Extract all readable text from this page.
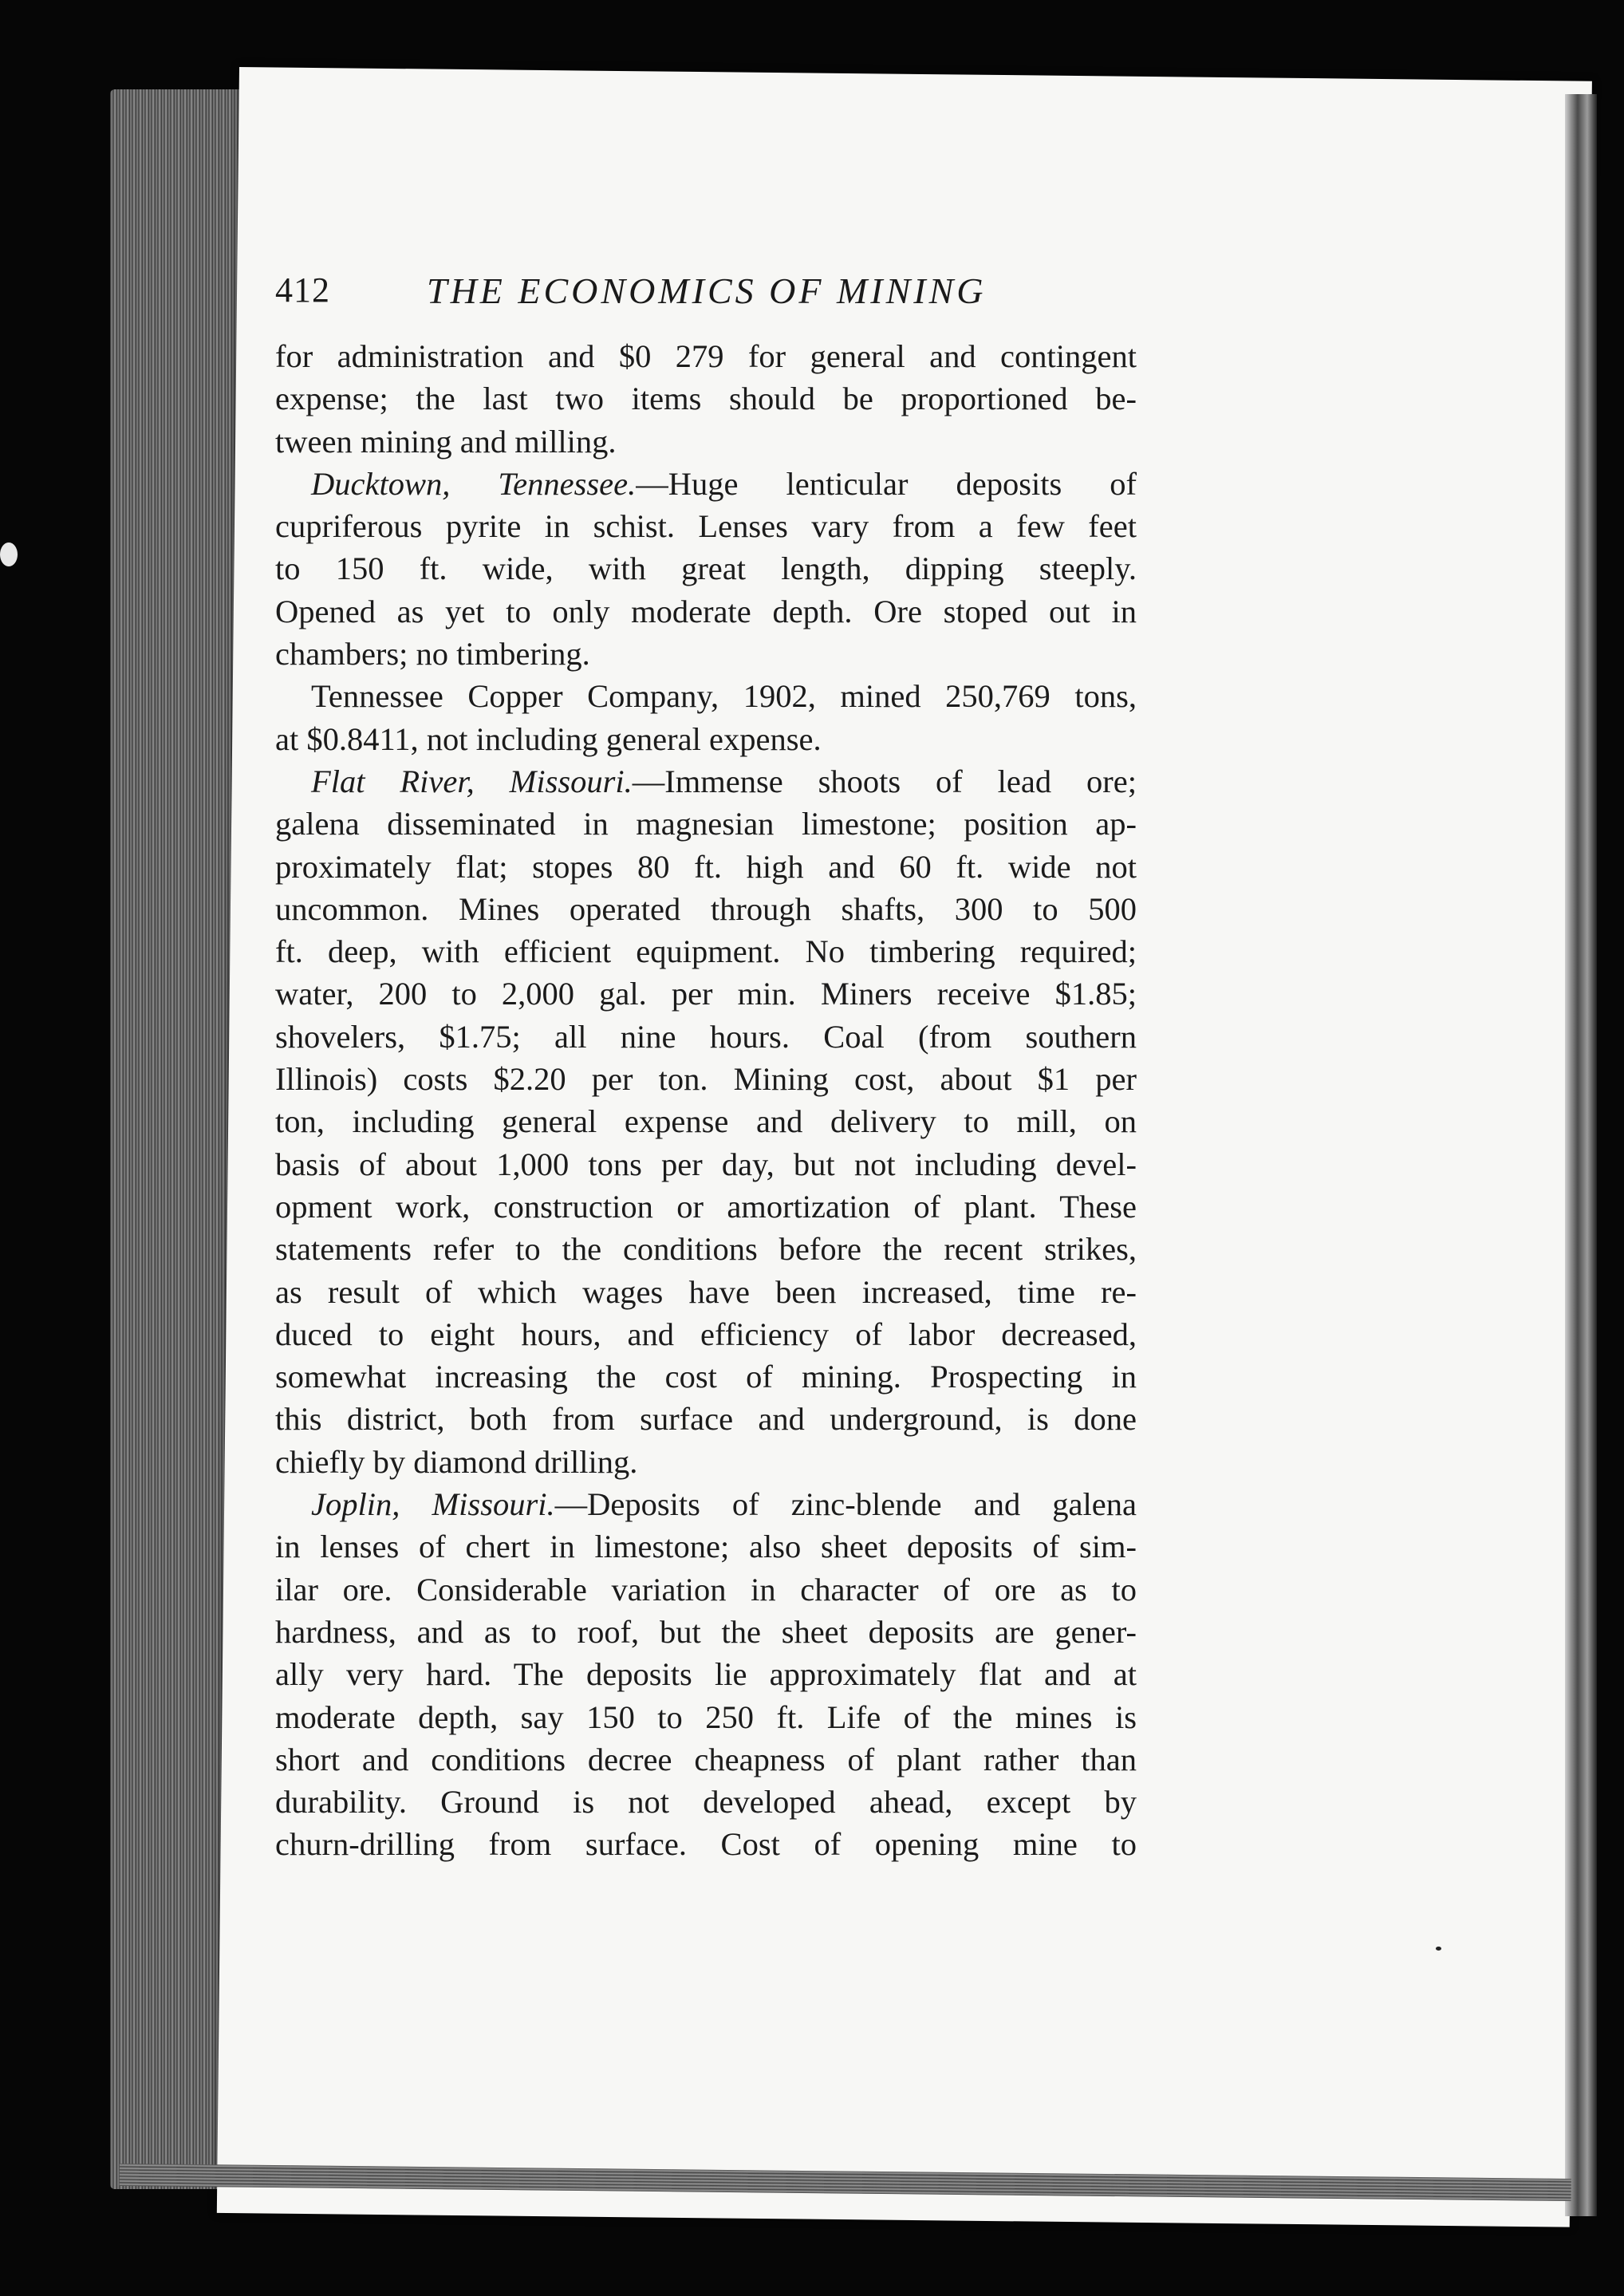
412	THE ECONOMICS OF MINING
for administration and $0 279 for general and contingent
expense; the last two items should be proportioned be-
tween mining and milling.
Ducktown, Tennessee.—Huge lenticular deposits of
cupriferous pyrite in schist. Lenses vary from a few feet
to 150 ft. wide, with great length, dipping steeply.
Opened as yet to only moderate depth. Ore stoped out in
chambers; no timbering.
Tennessee Copper Company, 1902, mined 250,769 tons,
at $0.8411, not including general expense.
Flat River, Missouri.—Immense shoots of lead ore;
galena disseminated in magnesian limestone; position ap-
proximately flat; stopes 80 ft. high and 60 ft. wide not
uncommon. Mines operated through shafts, 300 to 500
ft. deep, with efficient equipment. No timbering required;
water, 200 to 2,000 gal. per min. Miners receive $1.85;
shovelers, $1.75; all nine hours. Coal (from southern
Illinois) costs $2.20 per ton. Mining cost, about $1 per
ton, including general expense and delivery to mill, on
basis of about 1,000 tons per day, but not including devel-
opment work, construction or amortization of plant. These
statements refer to the conditions before the recent strikes,
as result of which wages have been increased, time re-
duced to eight hours, and efficiency of labor decreased,
somewhat increasing the cost of mining. Prospecting in
this district, both from surface and underground, is done
chiefly by diamond drilling.
Joplin, Missouri.—Deposits of zinc-blende and galena
in lenses of chert in limestone; also sheet deposits of sim-
ilar ore. Considerable variation in character of ore as to
hardness, and as to roof, but the sheet deposits are gener-
ally very hard. The deposits lie approximately flat and at
moderate depth, say 150 to 250 ft. Life of the mines is
short and conditions decree cheapness of plant rather than
durability. Ground is not developed ahead, except by
churn-drilling from surface. Cost of opening mine to
